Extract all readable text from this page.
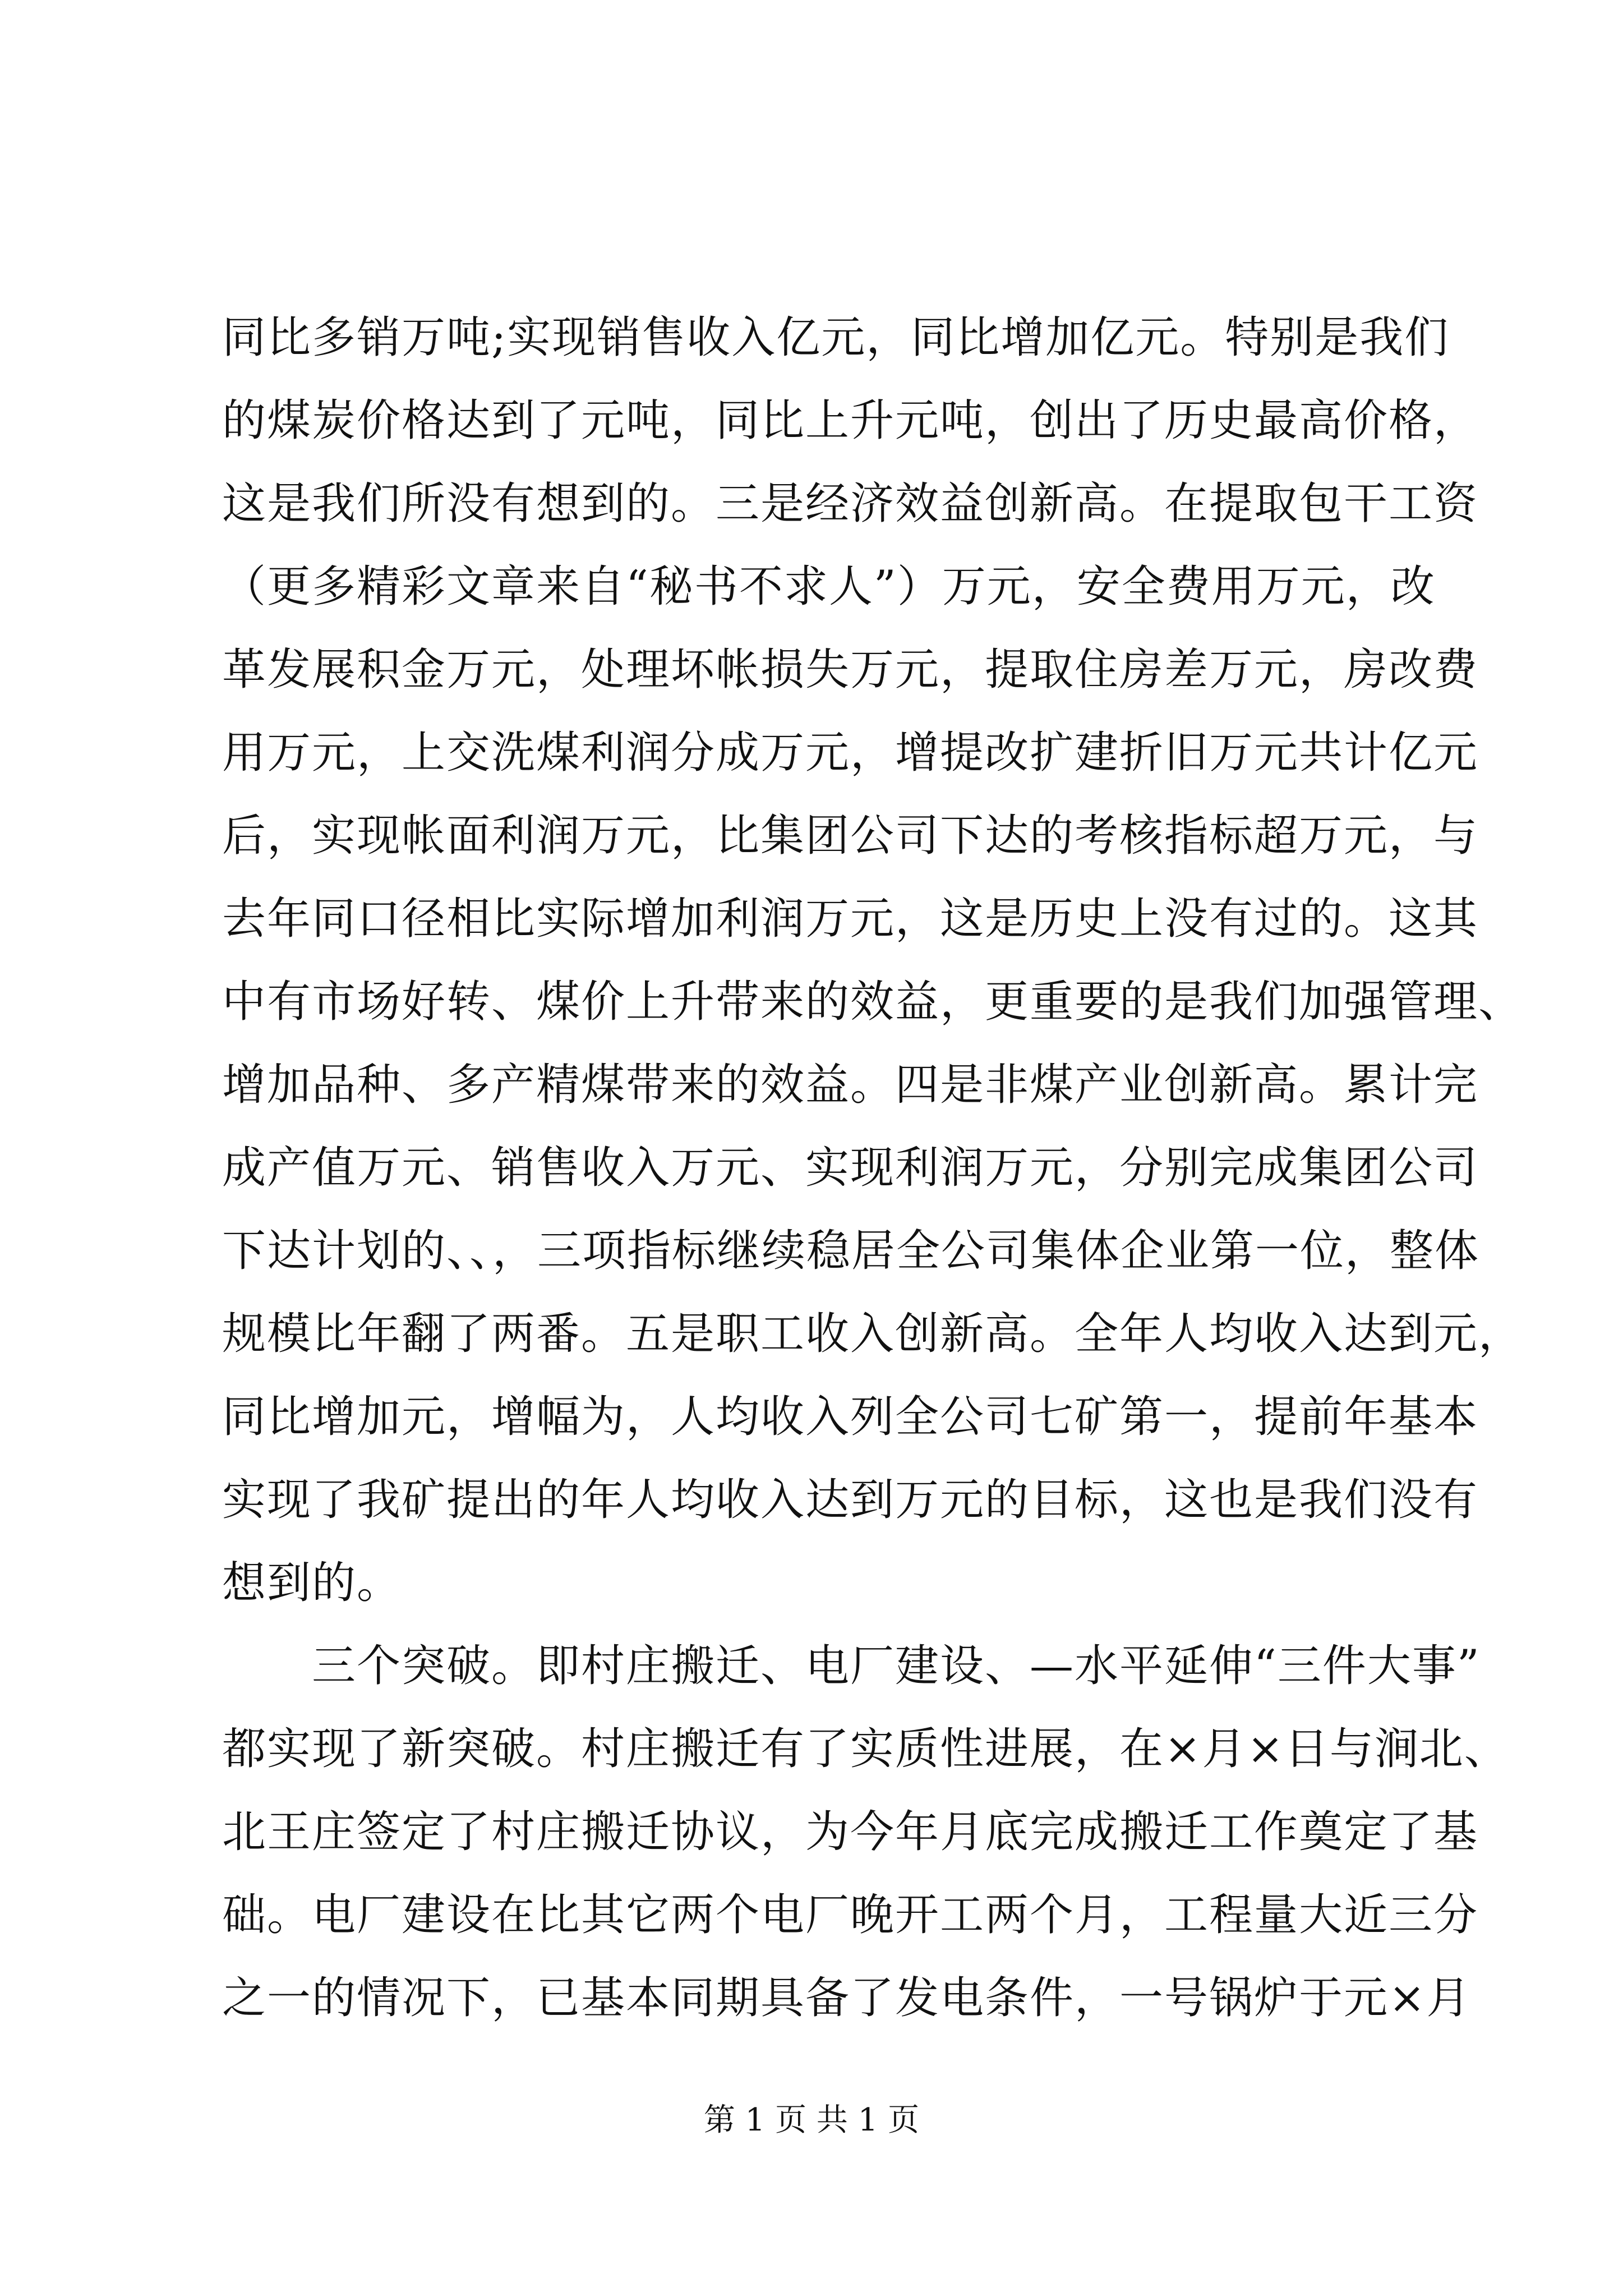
同比多销万吨;实现销售收入亿元，同比增加亿元。特别是我们
的煤炭价格达到了元吨，同比上升元吨，创出了历史最高价格，
这是我们所没有想到的。三是经济效益创新高。在提取包干工资
（更多精彩文章来自“秘书不求人”）万元，安全费用万元，改
革发展积金万元，处理坏帐损失万元，提取住房差万元，房改费
用万元，上交洗煤利润分成万元，增提改扩建折旧万元共计亿元
后，实现帐面利润万元，比集团公司下达的考核指标超万元，与
去年同口径相比实际增加利润万元，这是历史上没有过的。这其
中有市场好转、煤价上升带来的效益，更重要的是我们加强管理、
增加品种、多产精煤带来的效益。四是非煤产业创新高。累计完
成产值万元、销售收入万元、实现利润万元，分别完成集团公司
下达计划的、、，三项指标继续稳居全公司集体企业第一位，整体
规模比年翻了两番。五是职工收入创新高。全年人均收入达到元，
同比增加元，增幅为，人均收入列全公司七矿第一，提前年基本
实现了我矿提出的年人均收入达到万元的目标，这也是我们没有
想到的。
三个突破。即村庄搬迁、电厂建设、—水平延伸“三件大事”
都实现了新突破。村庄搬迁有了实质性进展，在×月×日与涧北、
北王庄签定了村庄搬迁协议，为今年月底完成搬迁工作奠定了基
础。电厂建设在比其它两个电厂晚开工两个月，工程量大近三分
之一的情况下，已基本同期具备了发电条件，一号锅炉于元×月
第 1 页 共 1 页
